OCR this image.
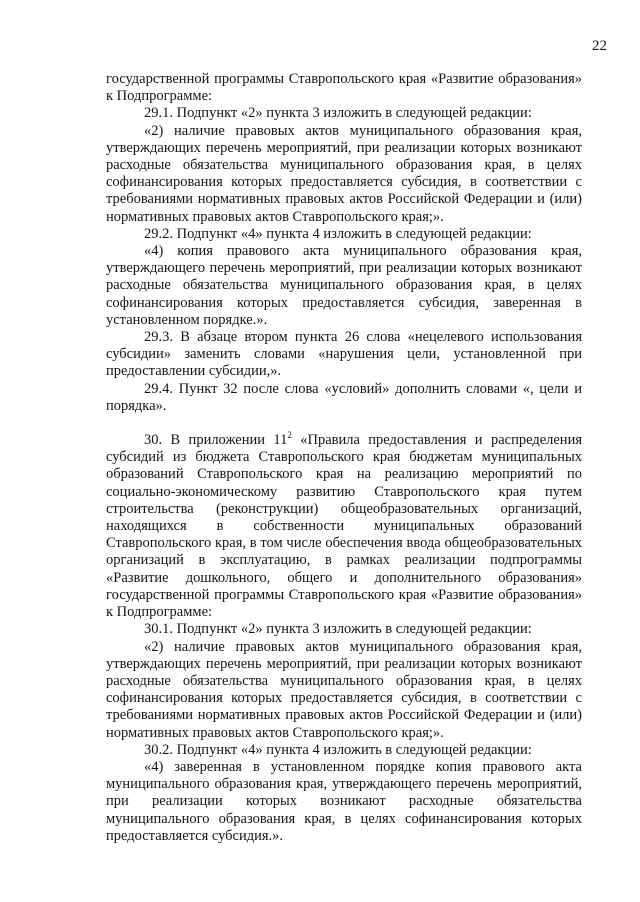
22

государственной программы Ставропольского края «Развитие образования» к Подпрограмме:

29.1. Подпункт «2» пункта 3 изложить в следующей редакции:

«2) наличие правовых актов муниципального образования края, утверждающих перечень мероприятий, при реализации которых возникают расходные обязательства муниципального образования края, в целях софинансирования которых предоставляется субсидия, в соответствии с требованиями нормативных правовых актов Российской Федерации и (или) нормативных правовых актов Ставропольского края;».

29.2. Подпункт «4» пункта 4 изложить в следующей редакции:

«4) копия правового акта муниципального образования края, утверждающего перечень мероприятий, при реализации которых возникают расходные обязательства муниципального образования края, в целях софинансирования которых предоставляется субсидия, заверенная в установленном порядке.».

29.3. В абзаце втором пункта 26 слова «нецелевого использования субсидии» заменить словами «нарушения цели, установленной при предоставлении субсидии,».

29.4. Пункт 32 после слова «условий» дополнить словами «, цели и порядка».

30. В приложении $11^2$ «Правила предоставления и распределения субсидий из бюджета Ставропольского края бюджетам муниципальных образований Ставропольского края на реализацию мероприятий по социально-экономическому развитию Ставропольского края путем строительства (реконструкции) общеобразовательных организаций, находящихся в собственности муниципальных образований Ставропольского края, в том числе обеспечения ввода общеобразовательных организаций в эксплуатацию, в рамках реализации подпрограммы «Развитие дошкольного, общего и дополнительного образования» государственной программы Ставропольского края «Развитие образования» к Подпрограмме:

30.1. Подпункт «2» пункта 3 изложить в следующей редакции:

«2) наличие правовых актов муниципального образования края, утверждающих перечень мероприятий, при реализации которых возникают расходные обязательства муниципального образования края, в целях софинансирования которых предоставляется субсидия, в соответствии с требованиями нормативных правовых актов Российской Федерации и (или) нормативных правовых актов Ставропольского края;».

30.2. Подпункт «4» пункта 4 изложить в следующей редакции:

«4) заверенная в установленном порядке копия правового акта муниципального образования края, утверждающего перечень мероприятий, при реализации которых возникают расходные обязательства муниципального образования края, в целях софинансирования которых предоставляется субсидия.».
